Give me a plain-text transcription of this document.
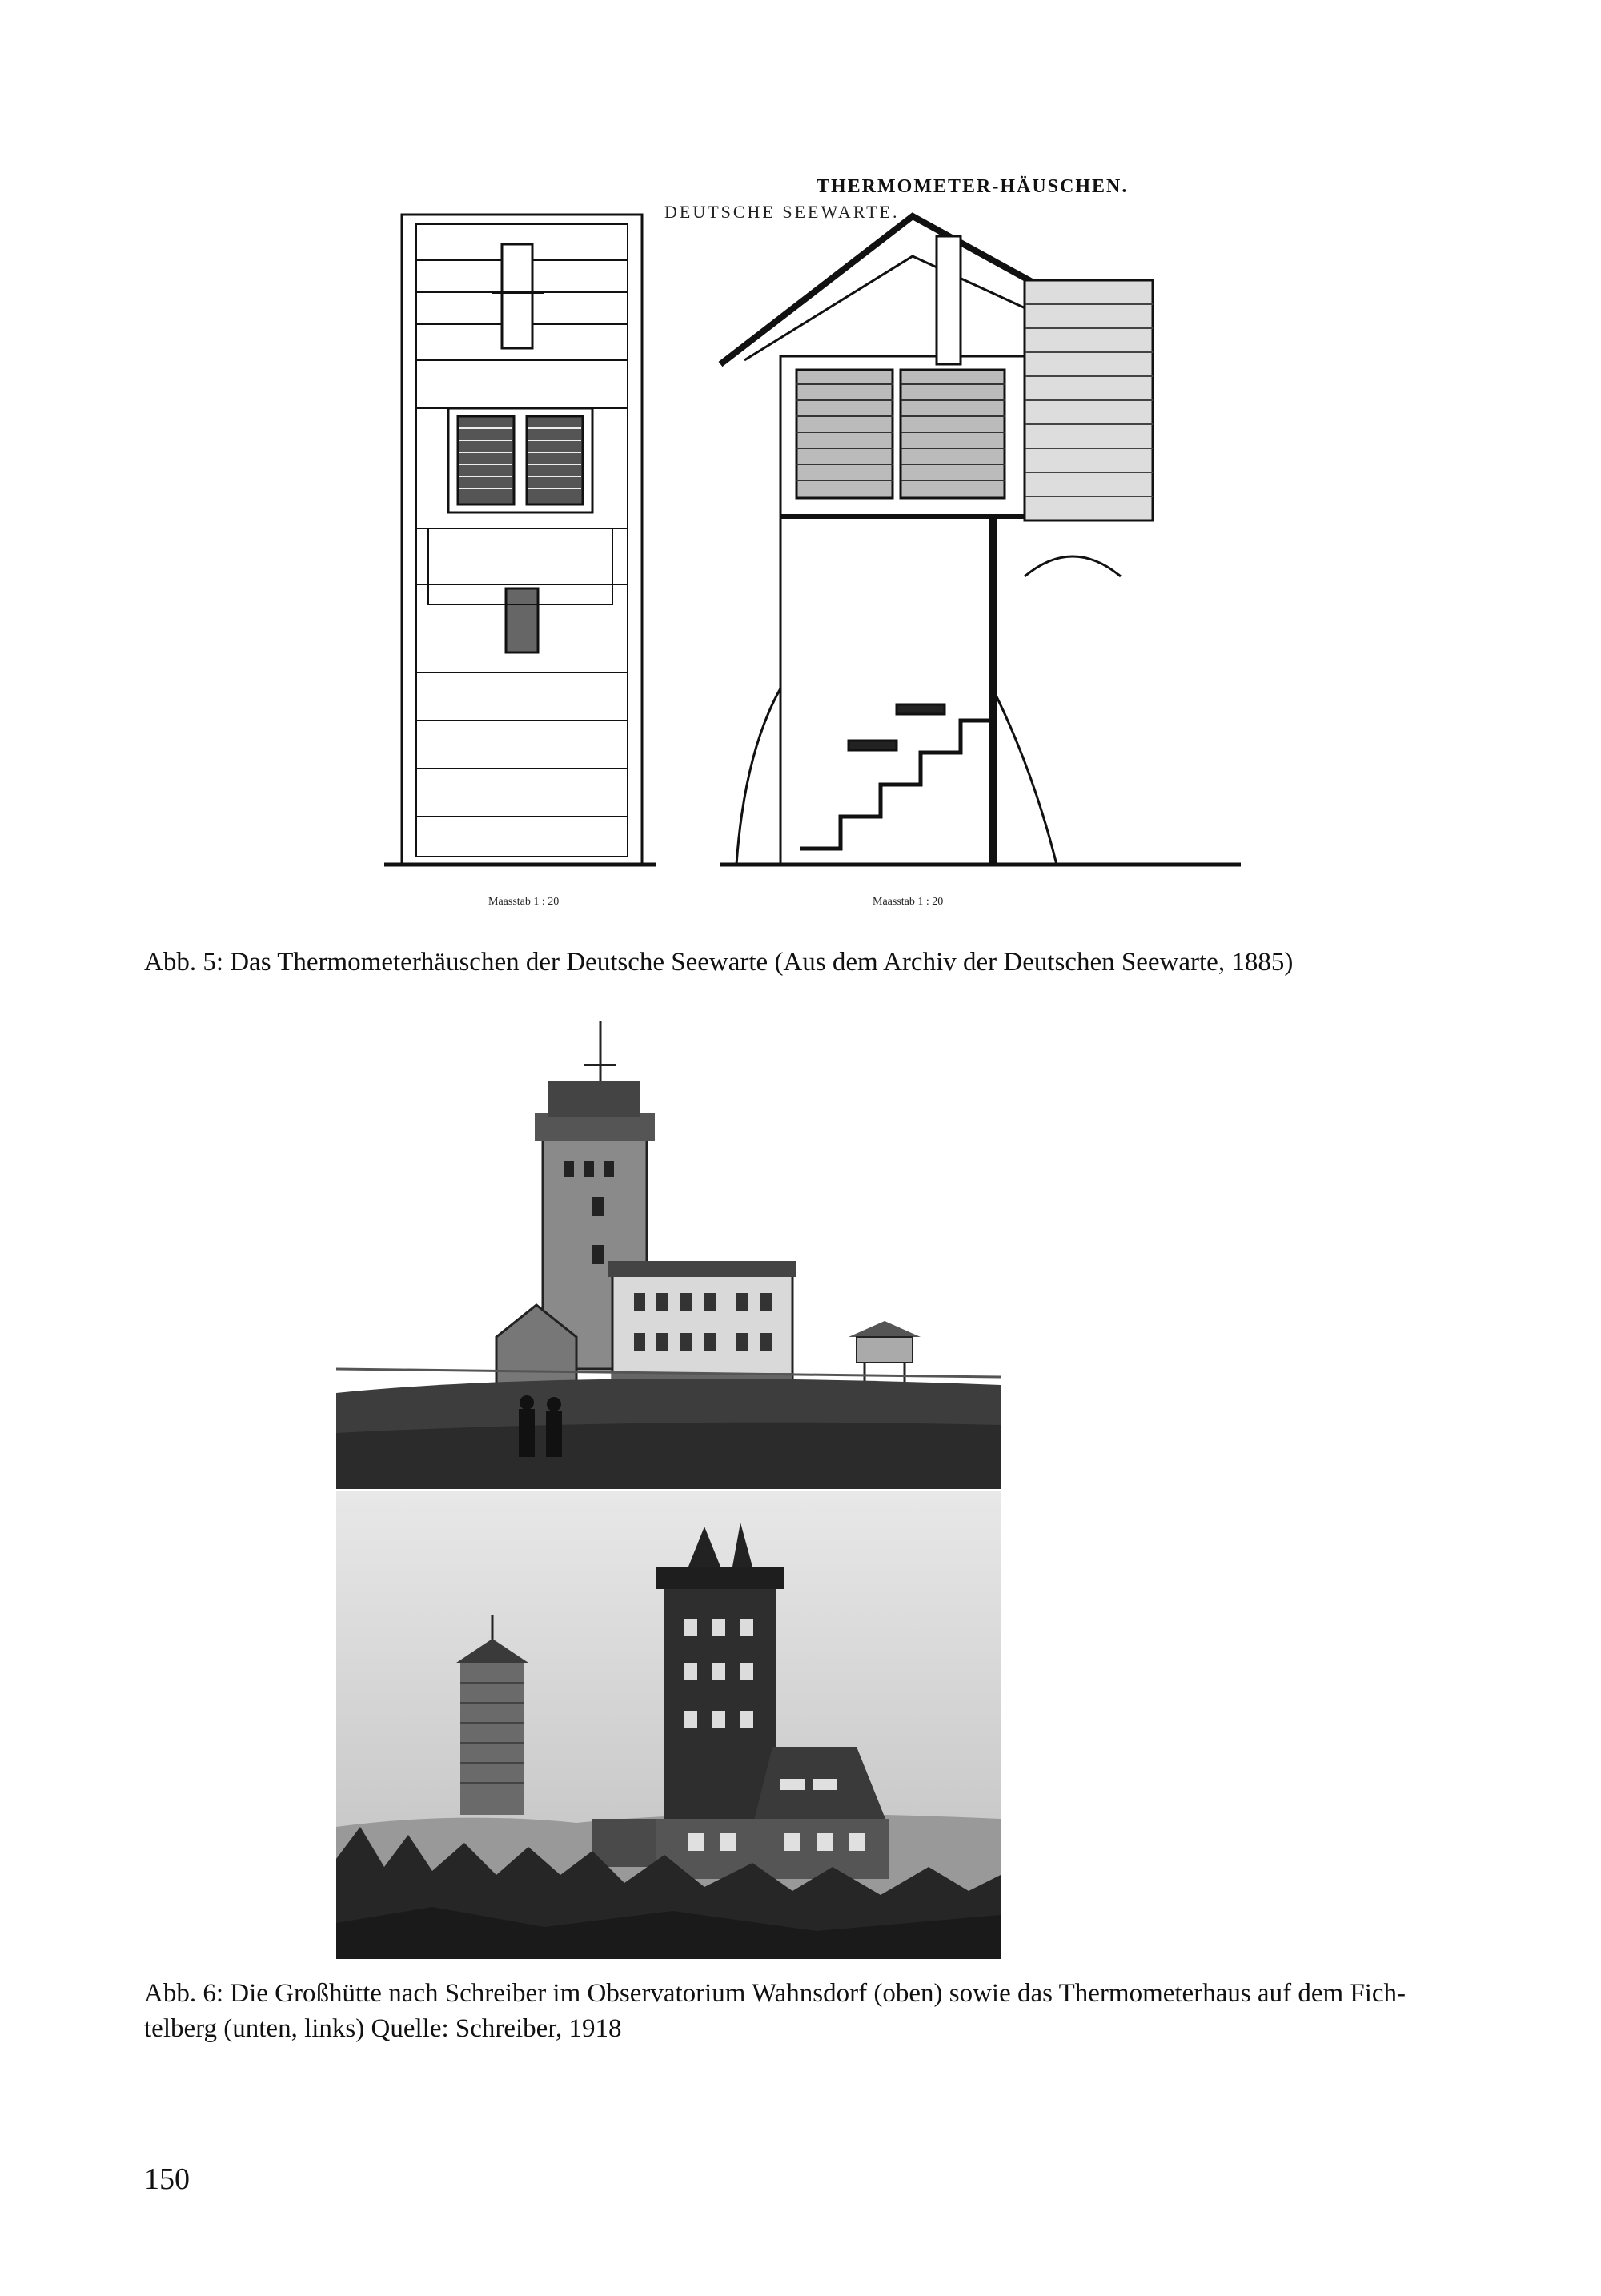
THERMOMETER-HÄUSCHEN.
DEUTSCHE SEEWARTE.
Maasstab 1 : 20	Maasstab 1 : 20
Abb. 5: Das Thermometerhäuschen der Deutsche Seewarte (Aus dem Archiv der Deutschen Seewarte, 1885)
Abb. 6: Die Großhütte nach Schreiber im Observatorium Wahnsdorf (oben) sowie das Thermometerhaus auf dem Fich-
telberg (unten, links) Quelle: Schreiber, 1918
150
